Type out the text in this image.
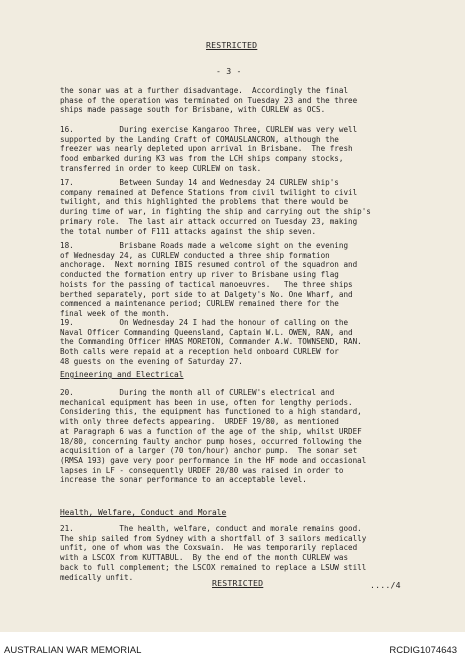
RESTRICTED
- 3 -
the sonar was at a further disadvantage.  Accordingly the final
phase of the operation was terminated on Tuesday 23 and the three
ships made passage south for Brisbane, with CURLEW as OCS.
16.          During exercise Kangaroo Three, CURLEW was very well
supported by the Landing Craft of COMAUSLANCRON, although the
freezer was nearly depleted upon arrival in Brisbane.  The fresh
food embarked during K3 was from the LCH ships company stocks,
transferred in order to keep CURLEW on task.
17.          Between Sunday 14 and Wednesday 24 CURLEW ship's
company remained at Defence Stations from civil twilight to civil
twilight, and this highlighted the problems that there would be
during time of war, in fighting the ship and carrying out the ship's
primary role.  The last air attack occurred on Tuesday 23, making
the total number of F111 attacks against the ship seven.
18.          Brisbane Roads made a welcome sight on the evening
of Wednesday 24, as CURLEW conducted a three ship formation
anchorage.  Next morning IBIS resumed control of the squadron and
conducted the formation entry up river to Brisbane using flag
hoists for the passing of tactical manoeuvres.   The three ships
berthed separately, port side to at Dalgety's No. One Wharf, and
commenced a maintenance period; CURLEW remained there for the
final week of the month.
19.          On Wednesday 24 I had the honour of calling on the
Naval Officer Commanding Queensland, Captain W.L. OWEN, RAN, and
the Commanding Officer HMAS MORETON, Commander A.W. TOWNSEND, RAN.
Both calls were repaid at a reception held onboard CURLEW for
48 guests on the evening of Saturday 27.
Engineering and Electrical
20.          During the month all of CURLEW's electrical and
mechanical equipment has been in use, often for lengthy periods.
Considering this, the equipment has functioned to a high standard,
with only three defects appearing.  URDEF 19/80, as mentioned
at Paragraph 6 was a function of the age of the ship, whilst URDEF
18/80, concerning faulty anchor pump hoses, occurred following the
acquisition of a larger (70 ton/hour) anchor pump.  The sonar set
(RMSA 193) gave very poor performance in the HF mode and occasional
lapses in LF - consequently URDEF 20/80 was raised in order to
increase the sonar performance to an acceptable level.
Health, Welfare, Conduct and Morale
21.          The health, welfare, conduct and morale remains good.
The ship sailed from Sydney with a shortfall of 3 sailors medically
unfit, one of whom was the Coxswain.  He was temporarily replaced
with a LSCOX from KUTTABUL.  By the end of the month CURLEW was
back to full complement; the LSCOX remained to replace a LSUW still
medically unfit.
RESTRICTED	..../4
AUSTRALIAN WAR MEMORIAL	RCDIG1074643
